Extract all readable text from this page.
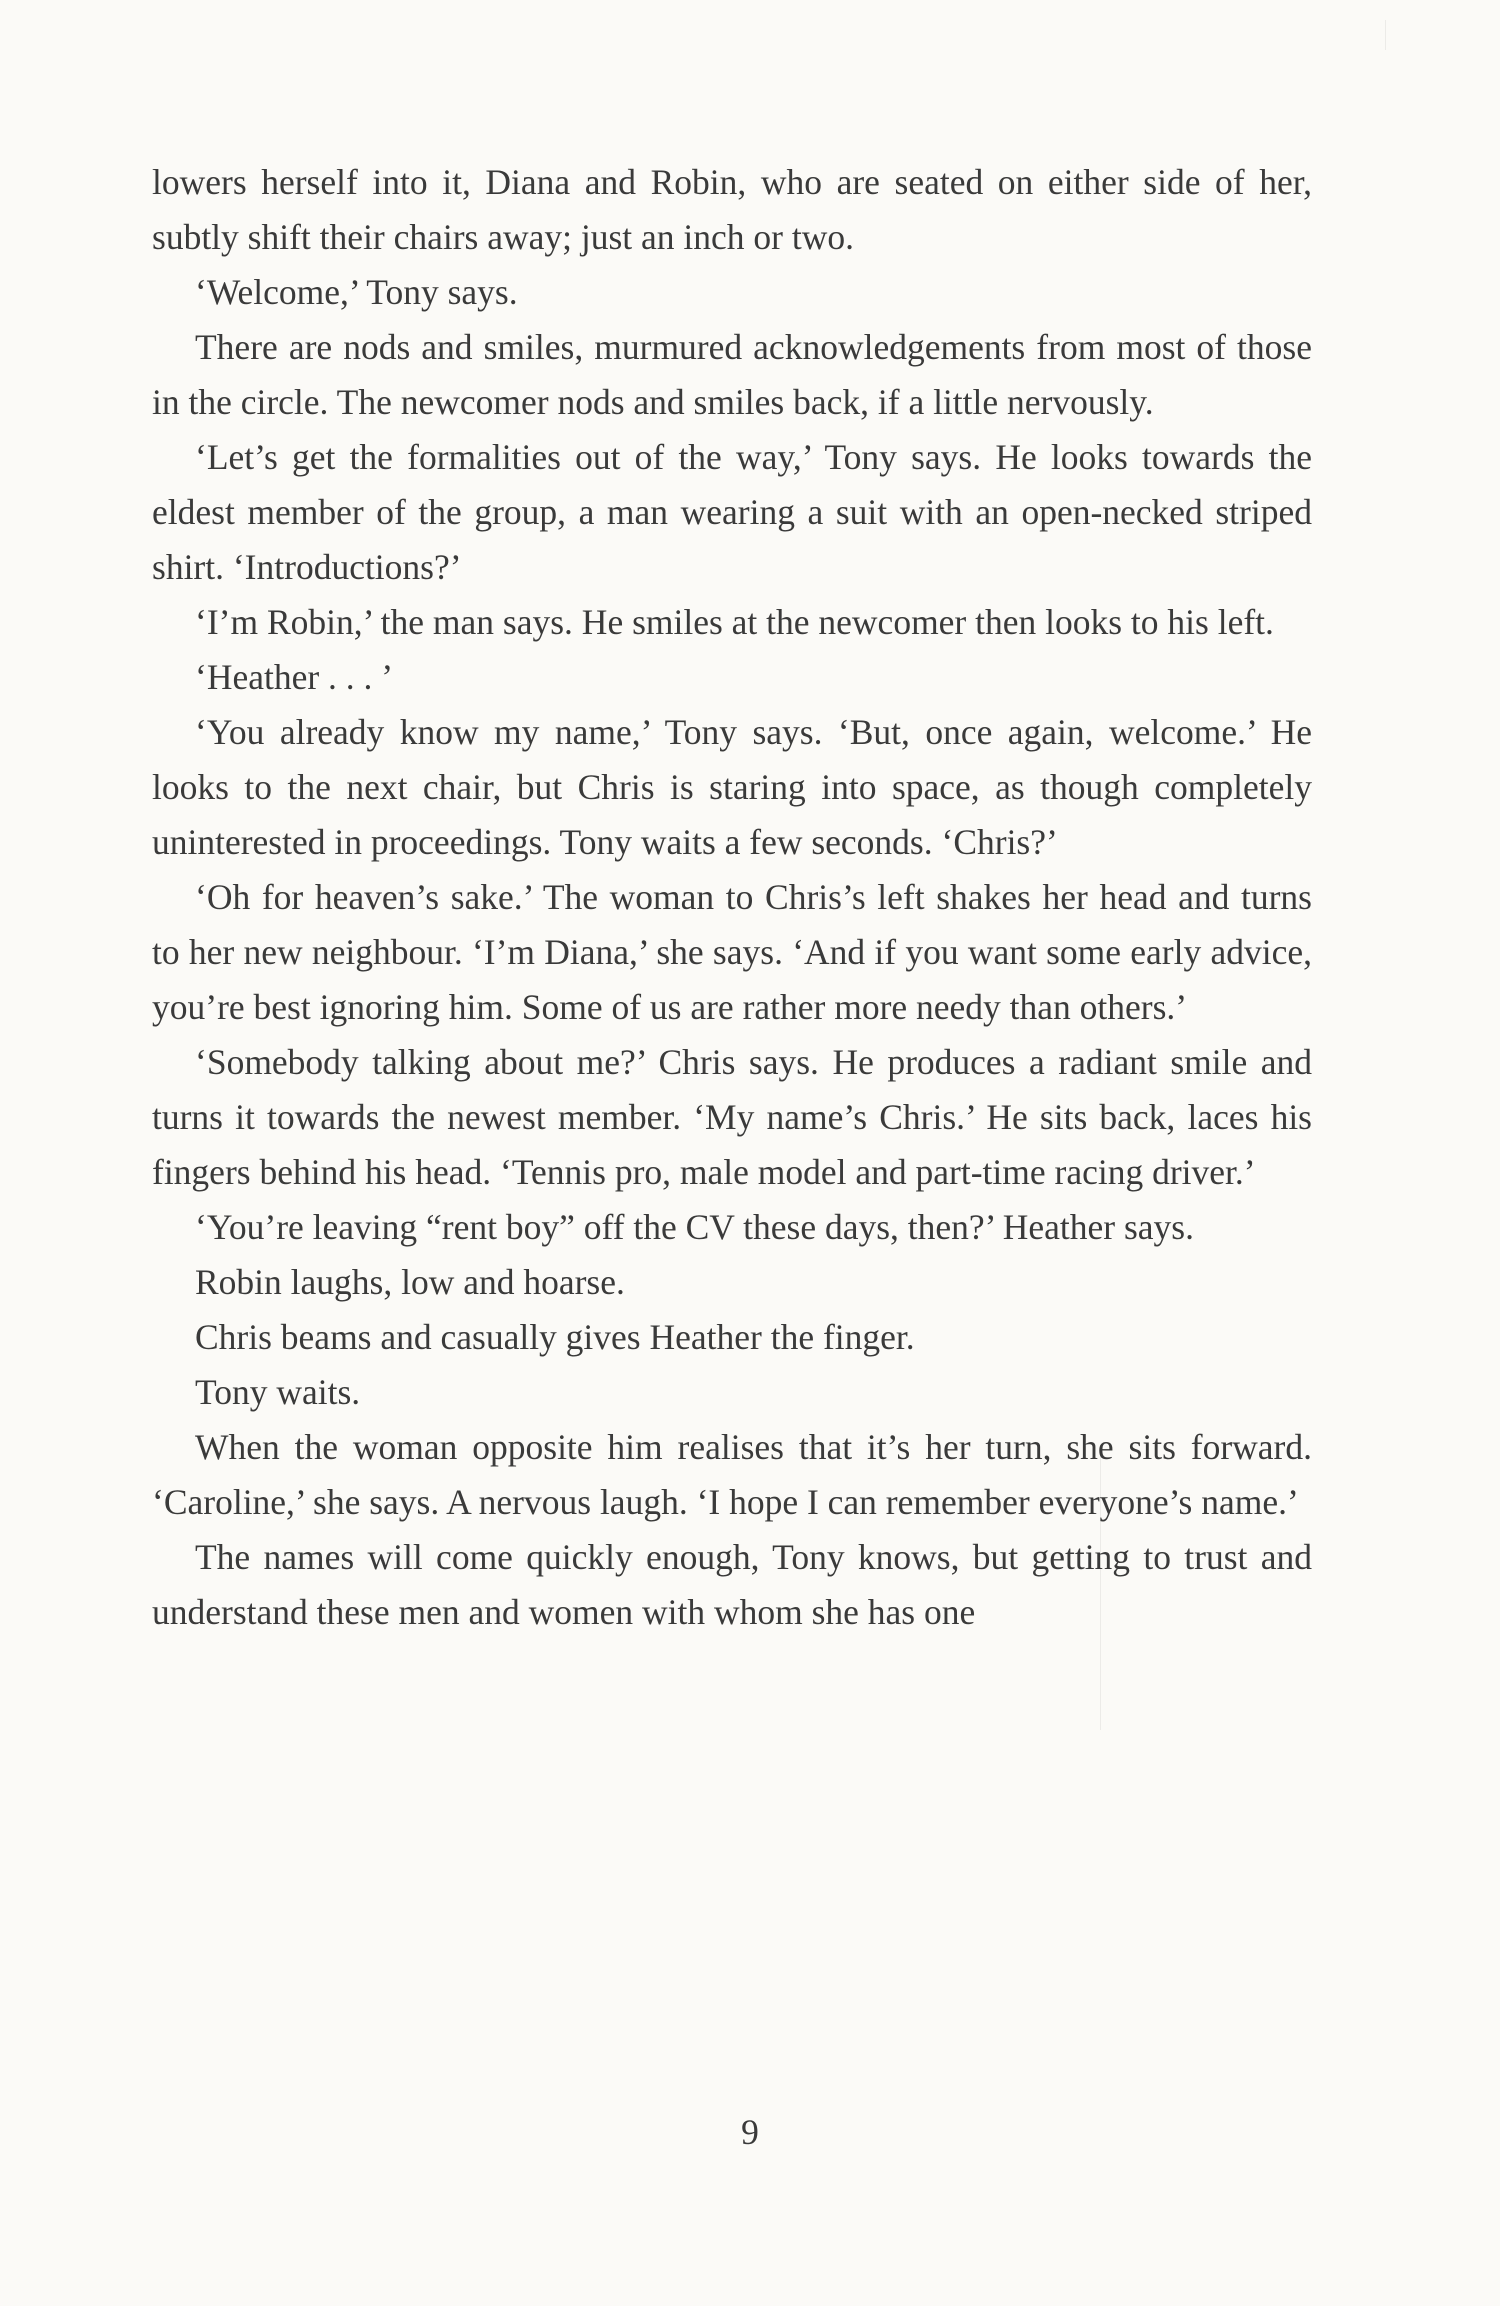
lowers herself into it, Diana and Robin, who are seated on either side of her, subtly shift their chairs away; just an inch or two.

‘Welcome,’ Tony says.

There are nods and smiles, murmured acknowledgements from most of those in the circle. The newcomer nods and smiles back, if a little nervously.

‘Let’s get the formalities out of the way,’ Tony says. He looks towards the eldest member of the group, a man wearing a suit with an open-necked striped shirt. ‘Introductions?’

‘I’m Robin,’ the man says. He smiles at the newcomer then looks to his left.

‘Heather . . . ’

‘You already know my name,’ Tony says. ‘But, once again, welcome.’ He looks to the next chair, but Chris is staring into space, as though completely uninterested in proceedings. Tony waits a few seconds. ‘Chris?’

‘Oh for heaven’s sake.’ The woman to Chris’s left shakes her head and turns to her new neighbour. ‘I’m Diana,’ she says. ‘And if you want some early advice, you’re best ignoring him. Some of us are rather more needy than others.’

‘Somebody talking about me?’ Chris says. He produces a radiant smile and turns it towards the newest member. ‘My name’s Chris.’ He sits back, laces his fingers behind his head. ‘Tennis pro, male model and part-time racing driver.’

‘You’re leaving “rent boy” off the CV these days, then?’ Heather says.

Robin laughs, low and hoarse.

Chris beams and casually gives Heather the finger.

Tony waits.

When the woman opposite him realises that it’s her turn, she sits forward. ‘Caroline,’ she says. A nervous laugh. ‘I hope I can remember everyone’s name.’

The names will come quickly enough, Tony knows, but getting to trust and understand these men and women with whom she has one

9
